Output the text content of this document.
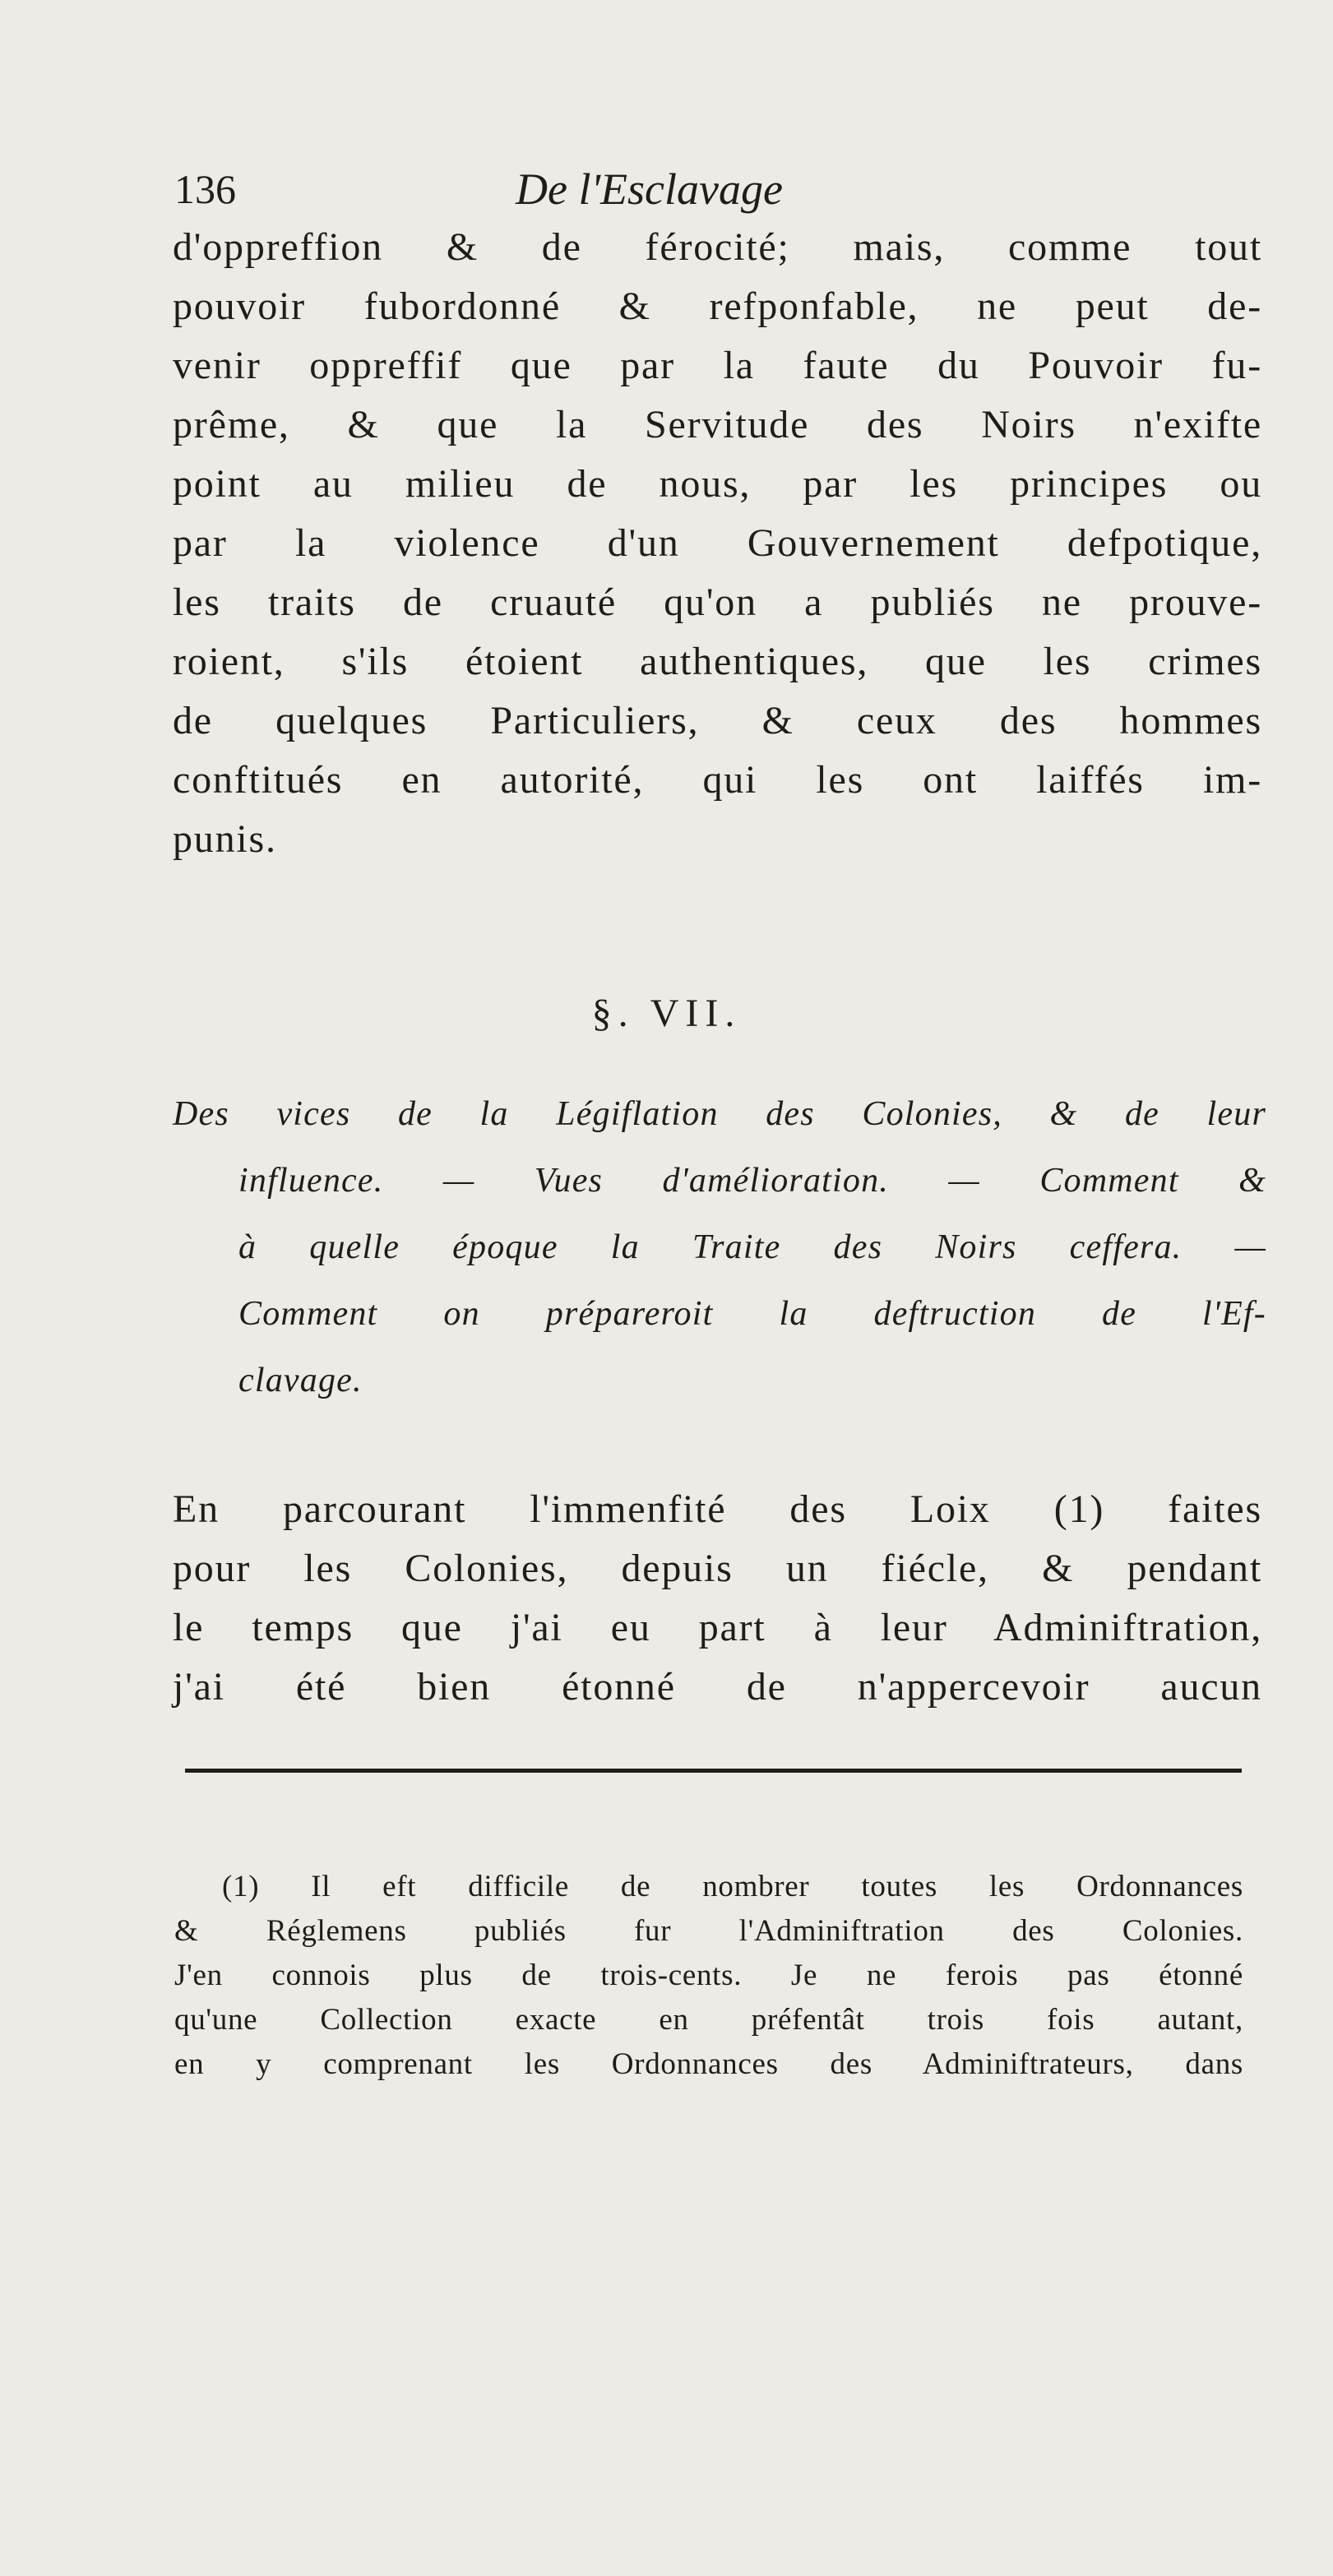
136	De l'Esclavage
d'oppreffion & de férocité; mais, comme tout
pouvoir fubordonné & refponfable, ne peut de-
venir oppreffif que par la faute du Pouvoir fu-
prême, & que la Servitude des Noirs n'exifte
point au milieu de nous, par les principes ou
par la violence d'un Gouvernement defpotique,
les traits de cruauté qu'on a publiés ne prouve-
roient, s'ils étoient authentiques, que les crimes
de quelques Particuliers, & ceux des hommes
conftitués en autorité, qui les ont laiffés im-
punis.
§. VII.
Des vices de la Légiflation des Colonies, & de leur
influence. — Vues d'amélioration. — Comment &
à quelle époque la Traite des Noirs ceffera. —
Comment on prépareroit la deftruction de l'Ef-
clavage.
En parcourant l'immenfité des Loix (1) faites
pour les Colonies, depuis un fiécle, & pendant
le temps que j'ai eu part à leur Adminiftration,
j'ai été bien étonné de n'appercevoir aucun
(1) Il eft difficile de nombrer toutes les Ordonnances
& Réglemens publiés fur l'Adminiftration des Colonies.
J'en connois plus de trois-cents. Je ne ferois pas étonné
qu'une Collection exacte en préfentât trois fois autant,
en y comprenant les Ordonnances des Adminiftrateurs, dans
